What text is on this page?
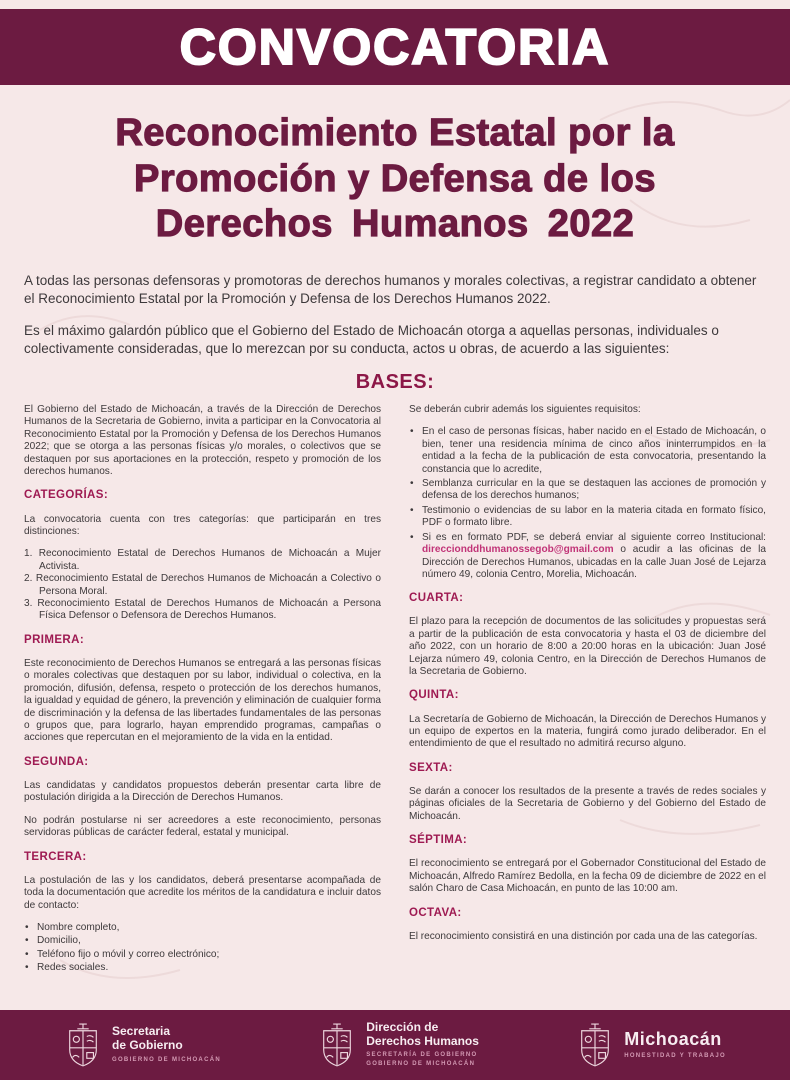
CONVOCATORIA
Reconocimiento Estatal por la
Promoción y Defensa de los
Derechos Humanos 2022

A todas las personas defensoras y promotoras de derechos humanos y morales colectivas, a registrar candidato a obtener el Reconocimiento Estatal por la Promoción y Defensa de los Derechos Humanos 2022.

Es el máximo galardón público que el Gobierno del Estado de Michoacán otorga a aquellas personas, individuales o colectivamente consideradas, que lo merezcan por su conducta, actos u obras, de acuerdo a las siguientes:

BASES:

El Gobierno del Estado de Michoacán, a través de la Dirección de Derechos Humanos de la Secretaria de Gobierno, invita a participar en la Convocatoria al Reconocimiento Estatal por la Promoción y Defensa de los Derechos Humanos 2022; que se otorga a las personas físicas y/o morales, o colectivos que se destaquen por sus aportaciones en la protección, respeto y promoción de los derechos humanos.

CATEGORÍAS:

La convocatoria cuenta con tres categorías: que participarán en tres distinciones:

1. Reconocimiento Estatal de Derechos Humanos de Michoacán a Mujer Activista.
2. Reconocimiento Estatal de Derechos Humanos de Michoacán a Colectivo o Persona Moral.
3. Reconocimiento Estatal de Derechos Humanos de Michoacán a Persona Física Defensor o Defensora de Derechos Humanos.
PRIMERA:

Este reconocimiento de Derechos Humanos se entregará a las personas físicas o morales colectivas que destaquen por su labor, individual o colectiva, en la promoción, difusión, defensa, respeto o protección de los derechos humanos, la igualdad y equidad de género, la prevención y eliminación de cualquier forma de discriminación y la defensa de las libertades fundamentales de las personas o grupos que, para lograrlo, hayan emprendido programas, campañas o acciones que repercutan en el mejoramiento de la vida en la entidad.

SEGUNDA:

Las candidatas y candidatos propuestos deberán presentar carta libre de postulación dirigida a la Dirección de Derechos Humanos.

No podrán postularse ni ser acreedores a este reconocimiento, personas servidoras públicas de carácter federal, estatal y municipal.

TERCERA:

La postulación de las y los candidatos, deberá presentarse acompañada de toda la documentación que acredite los méritos de la candidatura e incluir datos de contacto:

• Nombre completo,
• Domicilio,
• Teléfono fijo o móvil y correo electrónico;
• Redes sociales.

Se deberán cubrir además los siguientes requisitos:

• En el caso de personas físicas, haber nacido en el Estado de Michoacán, o bien, tener una residencia mínima de cinco años ininterrumpidos en la entidad a la fecha de la publicación de esta convocatoria, presentando la constancia que lo acredite,
• Semblanza curricular en la que se destaquen las acciones de promoción y defensa de los derechos humanos;
• Testimonio o evidencias de su labor en la materia citada en formato físico, PDF o formato libre.
• Si es en formato PDF, se deberá enviar al siguiente correo Institucional: direccionddhumanossegob@gmail.com o acudir a las oficinas de la Dirección de Derechos Humanos, ubicadas en la calle Juan José de Lejarza número 49, colonia Centro, Morelia, Michoacán.
CUARTA:

El plazo para la recepción de documentos de las solicitudes y propuestas será a partir de la publicación de esta convocatoria y hasta el 03 de diciembre del año 2022, con un horario de 8:00 a 20:00 horas en la ubicación: Juan José Lejarza número 49, colonia Centro, en la Dirección de Derechos Humanos de la Secretaria de Gobierno.

QUINTA:

La Secretaría de Gobierno de Michoacán, la Dirección de Derechos Humanos y un equipo de expertos en la materia, fungirá como jurado deliberador. En el entendimiento de que el resultado no admitirá recurso alguno.

SEXTA:

Se darán a conocer los resultados de la presente a través de redes sociales y páginas oficiales de la Secretaria de Gobierno y del Gobierno del Estado de Michoacán.

SÉPTIMA:

El reconocimiento se entregará por el Gobernador Constitucional del Estado de Michoacán, Alfredo Ramírez Bedolla, en la fecha 09 de diciembre de 2022 en el salón Charo de Casa Michoacán, en punto de las 10:00 am.

OCTAVA:

El reconocimiento consistirá en una distinción por cada una de las categorías.

Secretaria
de Gobierno
GOBIERNO DE MICHOACÁN
Dirección de
Derechos Humanos
SECRETARÍA DE GOBIERNO
GOBIERNO DE MICHOACÁN
Michoacán
HONESTIDAD Y TRABAJO
